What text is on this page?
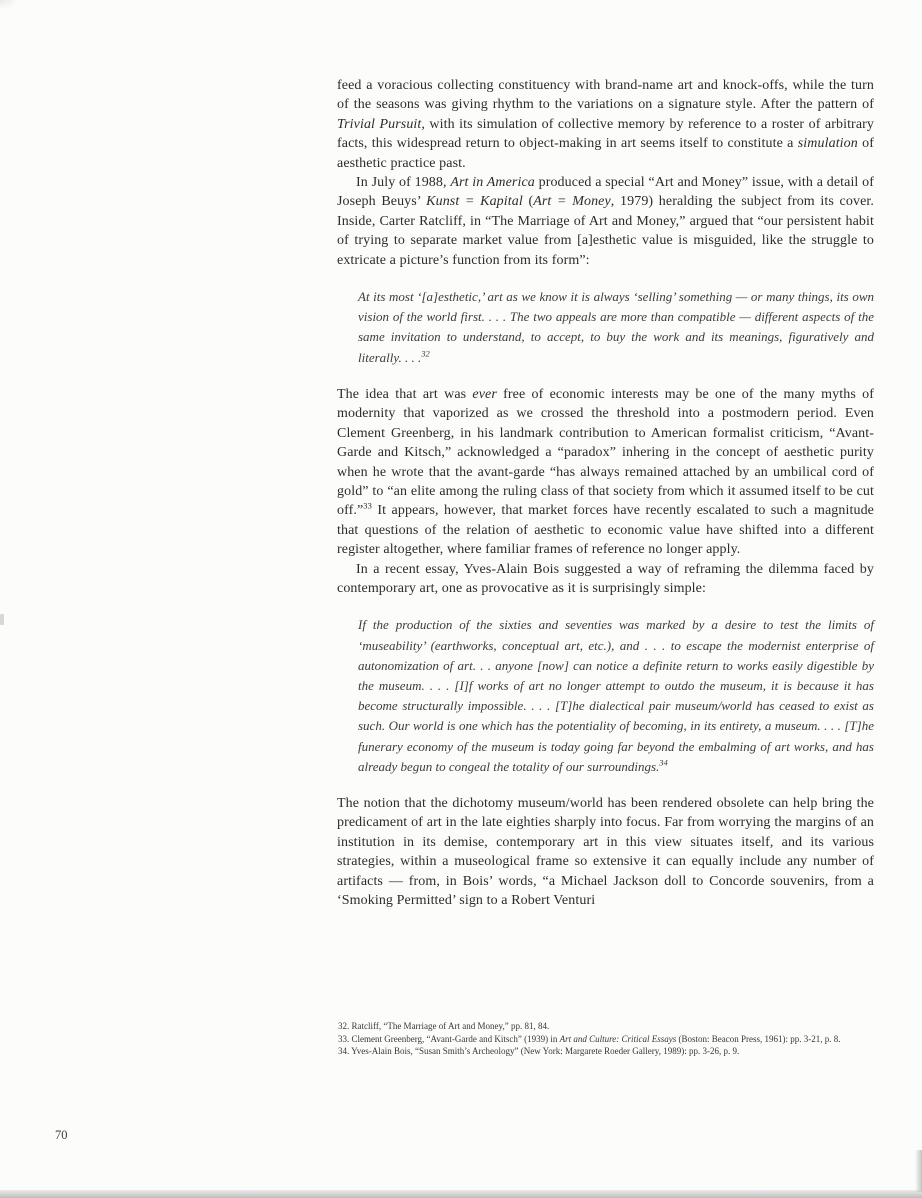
feed a voracious collecting constituency with brand-name art and knock-offs, while the turn of the seasons was giving rhythm to the variations on a signature style. After the pattern of Trivial Pursuit, with its simulation of collective memory by reference to a roster of arbitrary facts, this widespread return to object-making in art seems itself to constitute a simulation of aesthetic practice past.

In July of 1988, Art in America produced a special “Art and Money” issue, with a detail of Joseph Beuys’ Kunst = Kapital (Art = Money, 1979) heralding the subject from its cover. Inside, Carter Ratcliff, in “The Marriage of Art and Money,” argued that “our persistent habit of trying to separate market value from [a]esthetic value is misguided, like the struggle to extricate a picture’s function from its form”:

At its most ‘[a]esthetic,’ art as we know it is always ‘selling’ something — or many things, its own vision of the world first. . . . The two appeals are more than compatible — different aspects of the same invitation to understand, to accept, to buy the work and its meanings, figuratively and literally. . . .$^{32}$

The idea that art was ever free of economic interests may be one of the many myths of modernity that vaporized as we crossed the threshold into a postmodern period. Even Clement Greenberg, in his landmark contribution to American formalist criticism, “Avant-Garde and Kitsch,” acknowledged a “paradox” inhering in the concept of aesthetic purity when he wrote that the avant-garde “has always remained attached by an umbilical cord of gold” to “an elite among the ruling class of that society from which it assumed itself to be cut off.”$^{33}$ It appears, however, that market forces have recently escalated to such a magnitude that questions of the relation of aesthetic to economic value have shifted into a different register altogether, where familiar frames of reference no longer apply.

In a recent essay, Yves-Alain Bois suggested a way of reframing the dilemma faced by contemporary art, one as provocative as it is surprisingly simple:

If the production of the sixties and seventies was marked by a desire to test the limits of ‘museability’ (earthworks, conceptual art, etc.), and . . . to escape the modernist enterprise of autonomization of art. . . anyone [now] can notice a definite return to works easily digestible by the museum. . . . [I]f works of art no longer attempt to outdo the museum, it is because it has become structurally impossible. . . . [T]he dialectical pair museum/world has ceased to exist as such. Our world is one which has the potentiality of becoming, in its entirety, a museum. . . . [T]he funerary economy of the museum is today going far beyond the embalming of art works, and has already begun to congeal the totality of our surroundings.$^{34}$

The notion that the dichotomy museum/world has been rendered obsolete can help bring the predicament of art in the late eighties sharply into focus. Far from worrying the margins of an institution in its demise, contemporary art in this view situates itself, and its various strategies, within a museological frame so extensive it can equally include any number of artifacts — from, in Bois’ words, “a Michael Jackson doll to Concorde souvenirs, from a ‘Smoking Permitted’ sign to a Robert Venturi

32. Ratcliff, “The Marriage of Art and Money,” pp. 81, 84.

33. Clement Greenberg, “Avant-Garde and Kitsch” (1939) in Art and Culture: Critical Essays (Boston: Beacon Press, 1961): pp. 3-21, p. 8.

34. Yves-Alain Bois, “Susan Smith’s Archeology” (New York: Margarete Roeder Gallery, 1989): pp. 3-26, p. 9.

70
